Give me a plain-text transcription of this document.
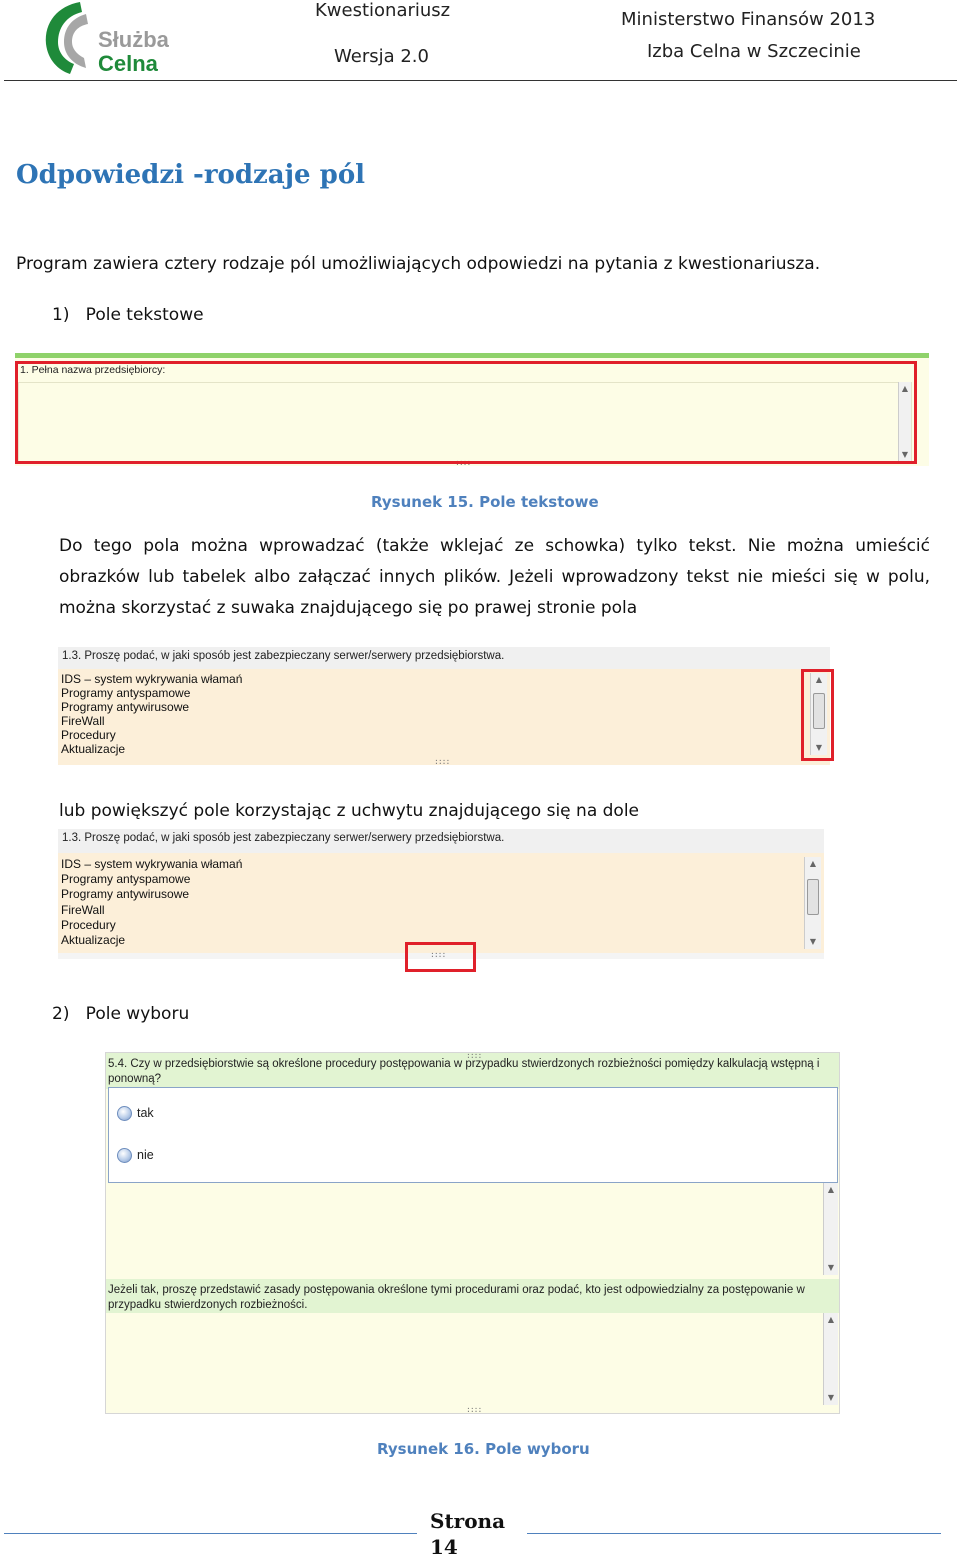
Służba
Celna
Kwestionariusz
Wersja 2.0
Ministerstwo Finansów 2013
Izba Celna w Szczecinie
Odpowiedzi -rodzaje pól
Program zawiera cztery rodzaje pól umożliwiających odpowiedzi na pytania z kwestionariusza.
1) Pole tekstowe
1. Pełna nazwa przedsiębiorcy:
▲
▼
::::
Rysunek 15. Pole tekstowe
Do tego pola można wprowadzać (także wklejać ze schowka) tylko tekst. Nie można umieścić obrazków lub tabelek albo załączać innych plików. Jeżeli wprowadzony tekst nie mieści się w polu, można skorzystać z suwaka znajdującego się po prawej stronie pola
1.3. Proszę podać, w jaki sposób jest zabezpieczany serwer/serwery przedsiębiorstwa.
IDS – system wykrywania włamań
Programy antyspamowe
Programy antywirusowe
FireWall
Procedury
Aktualizacje
▲
▼
::::
lub powiększyć pole korzystając z uchwytu znajdującego się na dole
1.3. Proszę podać, w jaki sposób jest zabezpieczany serwer/serwery przedsiębiorstwa.
IDS – system wykrywania włamań
Programy antyspamowe
Programy antywirusowe
FireWall
Procedury
Aktualizacje
▲
▼
::::
2) Pole wyboru
5.4. Czy w przedsiębiorstwie są określone procedury postępowania w przypadku stwierdzonych rozbieżności pomiędzy kalkulacją wstępną i ponowną?
::::
tak
nie
▲
▼
Jeżeli tak, proszę przedstawić zasady postępowania określone tymi procedurami oraz podać, kto jest odpowiedzialny za postępowanie w przypadku stwierdzonych rozbieżności.
▲
▼
::::
Rysunek 16. Pole wyboru
Strona
14
